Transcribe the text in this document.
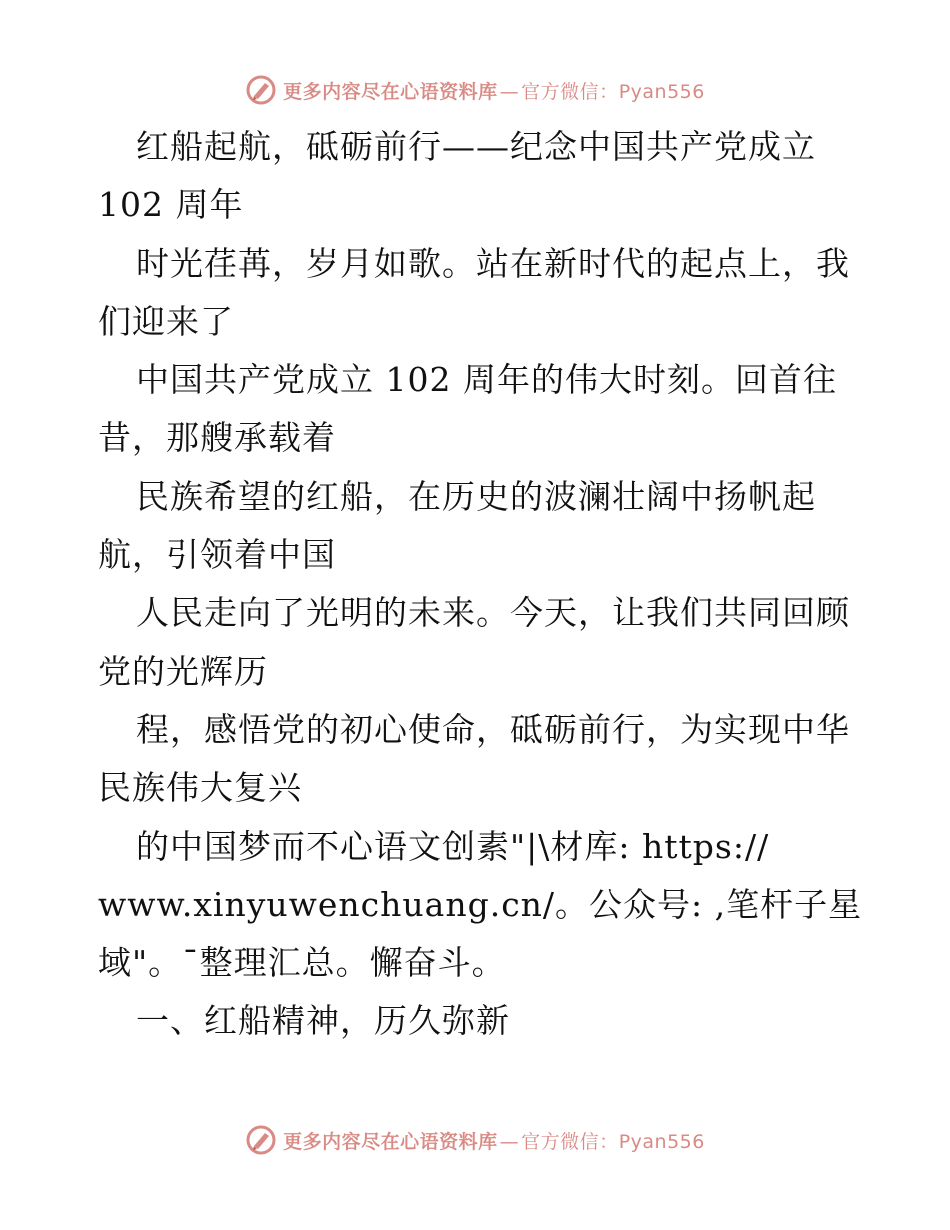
更多内容尽在心语资料库 — 官方微信：Pyan556
红船起航，砥砺前行——纪念中国共产党成立
102 周年
时光荏苒，岁月如歌。站在新时代的起点上，我
们迎来了
中国共产党成立 102 周年的伟大时刻。回首往
昔，那艘承载着
民族希望的红船，在历史的波澜壮阔中扬帆起
航，引领着中国
人民走向了光明的未来。今天，让我们共同回顾
党的光辉历
程，感悟党的初心使命，砥砺前行，为实现中华
民族伟大复兴
的中国梦而不心语文创素"|\材库: https://
www.xinyuwenchuang.cn/。公众号: ,笔杆子星
域"。¯整理汇总。懈奋斗。
一、红船精神，历久弥新
更多内容尽在心语资料库 — 官方微信：Pyan556
